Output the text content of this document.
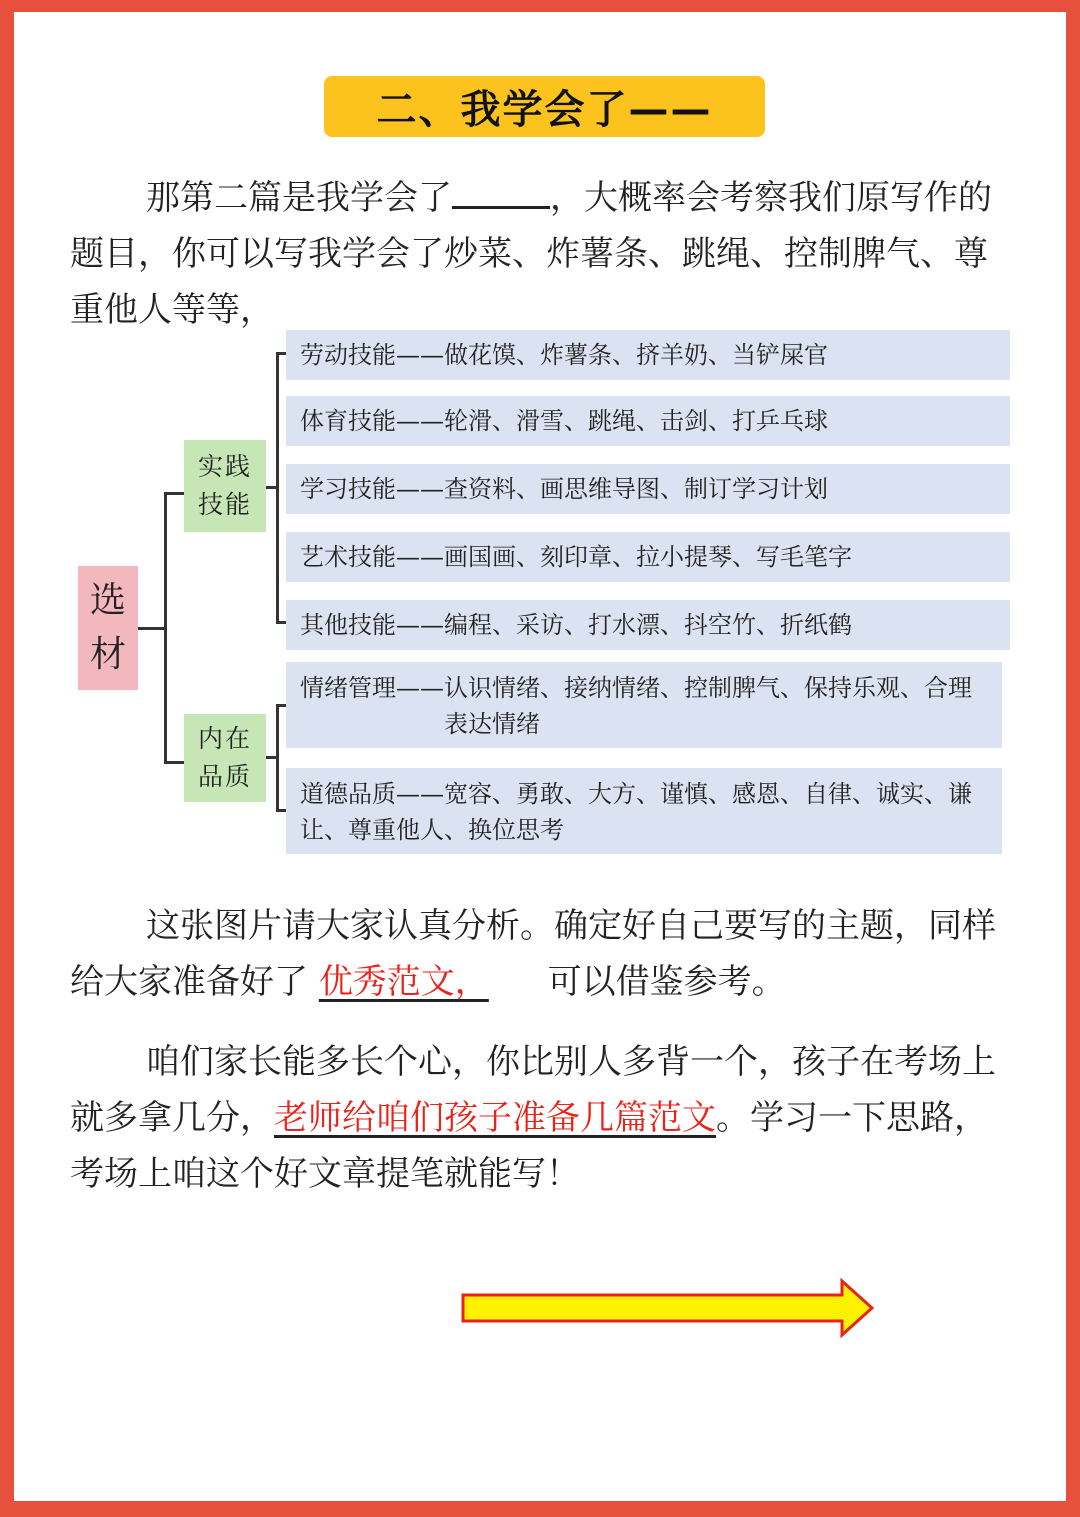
二、我学会了——

那第二篇是我学会了	，大概率会考察我们原写作的题目，你可以写我学会了炒菜、炸薯条、跳绳、控制脾气、尊重他人等等，

选
材
实践
技能
内在
品质
劳动技能——做花馍、炸薯条、挤羊奶、当铲屎官
体育技能——轮滑、滑雪、跳绳、击剑、打乒乓球
学习技能——查资料、画思维导图、制订学习计划
艺术技能——画国画、刻印章、拉小提琴、写毛笔字
其他技能——编程、采访、打水漂、抖空竹、折纸鹤
情绪管理—— 认识情绪、接纳情绪、控制脾气、保持乐观、合理表达情绪
道德品质——宽容、勇敢、大方、谨慎、感恩、自律、诚实、谦让、尊重他人、换位思考

这张图片请大家认真分析。确定好自己要写的主题，同样给大家准备好了 优秀范文， 可以借鉴参考。

咱们家长能多长个心，你比别人多背一个，孩子在考场上就多拿几分，老师给咱们孩子准备几篇范文。学习一下思路，考场上咱这个好文章提笔就能写！
